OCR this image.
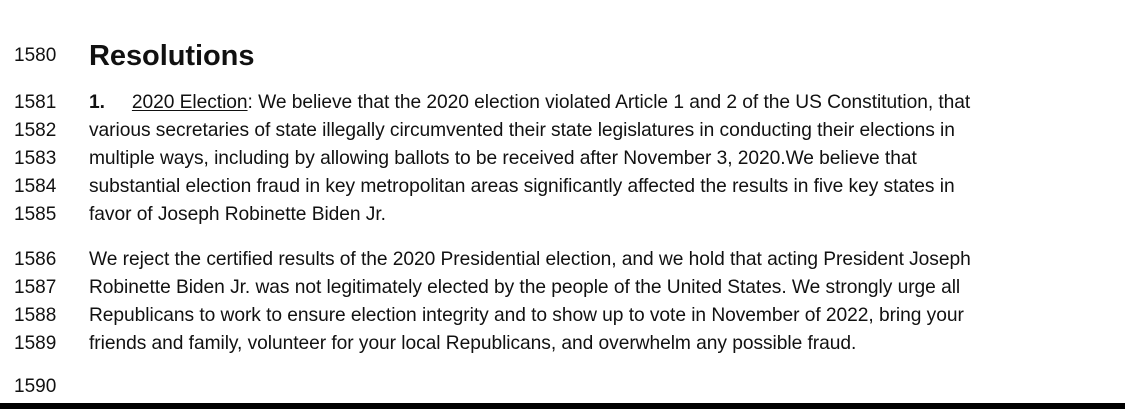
1580 Resolutions
1581	1. 2020 Election: We believe that the 2020 election violated Article 1 and 2 of the US Constitution, that
1582	various secretaries of state illegally circumvented their state legislatures in conducting their elections in
1583	multiple ways, including by allowing ballots to be received after November 3, 2020.We believe that
1584	substantial election fraud in key metropolitan areas significantly affected the results in five key states in
1585	favor of Joseph Robinette Biden Jr.
1586	We reject the certified results of the 2020 Presidential election, and we hold that acting President Joseph
1587	Robinette Biden Jr. was not legitimately elected by the people of the United States. We strongly urge all
1588	Republicans to work to ensure election integrity and to show up to vote in November of 2022, bring your
1589	friends and family, volunteer for your local Republicans, and overwhelm any possible fraud.
1590
